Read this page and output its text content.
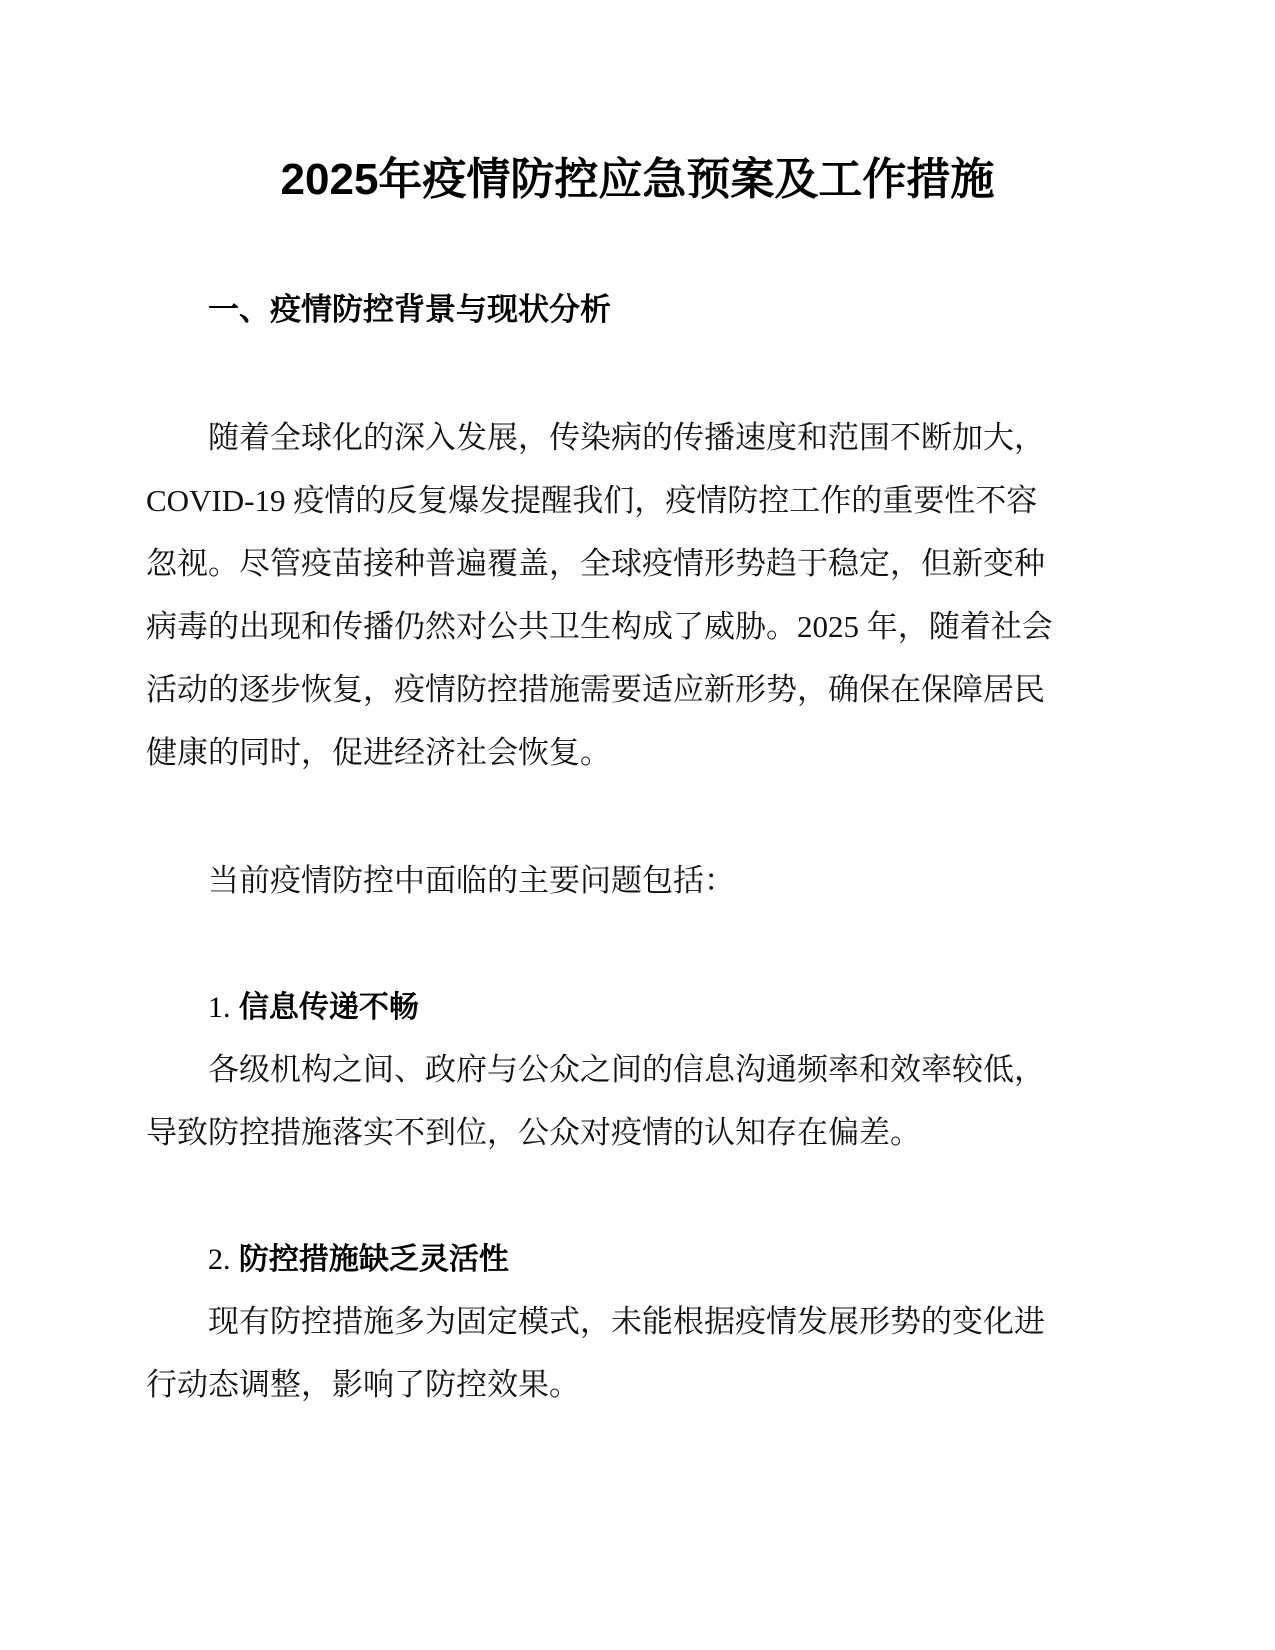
2025年疫情防控应急预案及工作措施
一、疫情防控背景与现状分析
随着全球化的深入发展，传染病的传播速度和范围不断加大，
COVID-19 疫情的反复爆发提醒我们，疫情防控工作的重要性不容
忽视。尽管疫苗接种普遍覆盖，全球疫情形势趋于稳定，但新变种
病毒的出现和传播仍然对公共卫生构成了威胁。2025 年，随着社会
活动的逐步恢复，疫情防控措施需要适应新形势，确保在保障居民
健康的同时，促进经济社会恢复。
当前疫情防控中面临的主要问题包括：
1. 信息传递不畅
各级机构之间、政府与公众之间的信息沟通频率和效率较低，
导致防控措施落实不到位，公众对疫情的认知存在偏差。
2. 防控措施缺乏灵活性
现有防控措施多为固定模式，未能根据疫情发展形势的变化进
行动态调整，影响了防控效果。
